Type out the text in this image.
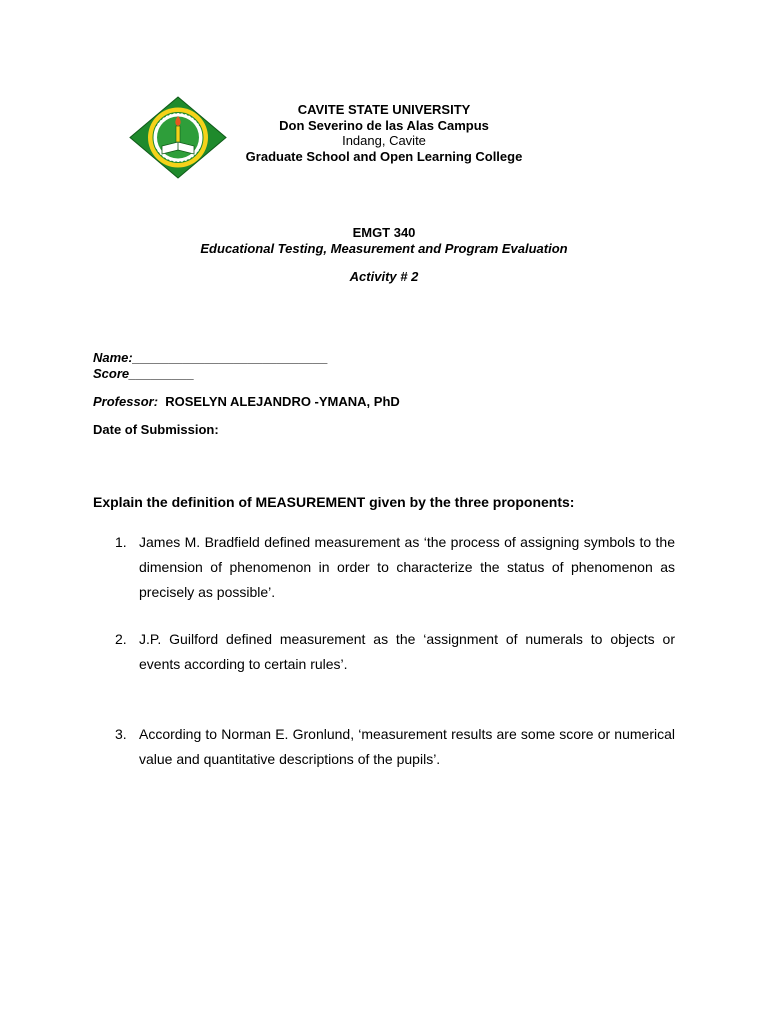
CAVITE STATE UNIVERSITY
Don Severino de las Alas Campus
Indang, Cavite
Graduate School and Open Learning College
EMGT 340
Educational Testing, Measurement and Program Evaluation
Activity # 2
Name:___________________________
Score_________
Professor: ROSELYN ALEJANDRO -YMANA, PhD
Date of Submission:
Explain the definition of MEASUREMENT given by the three proponents:
1. James M. Bradfield defined measurement as ‘the process of assigning symbols to the dimension of phenomenon in order to characterize the status of phenomenon as precisely as possible’.
2. J.P. Guilford defined measurement as the ‘assignment of numerals to objects or events according to certain rules’.
3. According to Norman E. Gronlund, ‘measurement results are some score or numerical value and quantitative descriptions of the pupils’.
